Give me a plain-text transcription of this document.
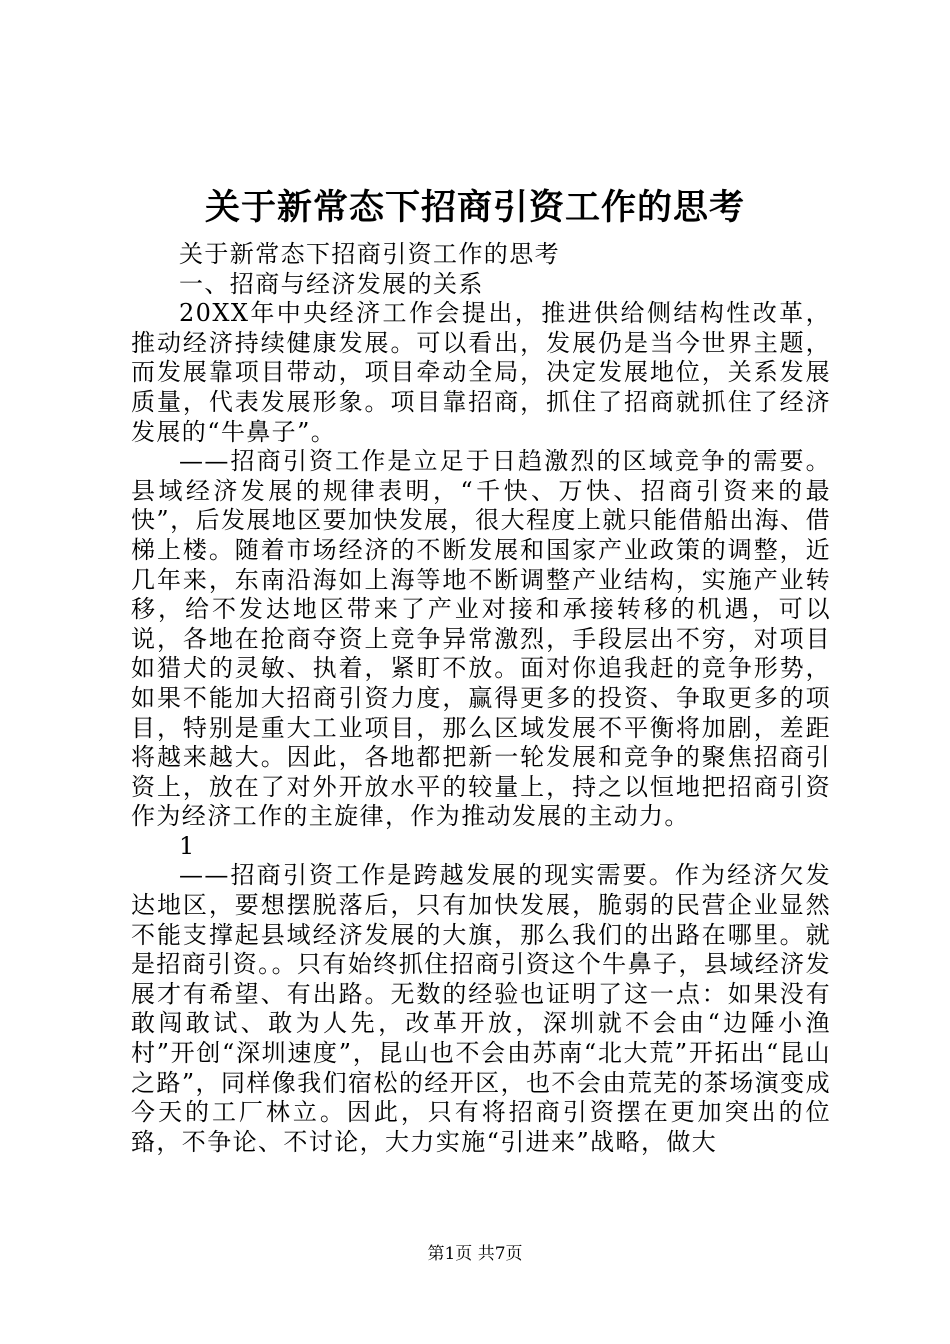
关于新常态下招商引资工作的思考

关于新常态下招商引资工作的思考

一、招商与经济发展的关系

20XX年中央经济工作会提出，推进供给侧结构性改革，推动经济持续健康发展。可以看出，发展仍是当今世界主题，而发展靠项目带动，项目牵动全局，决定发展地位，关系发展质量，代表发展形象。项目靠招商，抓住了招商就抓住了经济发展的“牛鼻子”。

——招商引资工作是立足于日趋激烈的区域竞争的需要。县域经济发展的规律表明，“千快、万快、招商引资来的最快”，后发展地区要加快发展，很大程度上就只能借船出海、借梯上楼。随着市场经济的不断发展和国家产业政策的调整，近几年来，东南沿海如上海等地不断调整产业结构，实施产业转移，给不发达地区带来了产业对接和承接转移的机遇，可以说，各地在抢商夺资上竞争异常激烈，手段层出不穷，对项目如猎犬的灵敏、执着，紧盯不放。面对你追我赶的竞争形势，如果不能加大招商引资力度，赢得更多的投资、争取更多的项目，特别是重大工业项目，那么区域发展不平衡将加剧，差距将越来越大。因此，各地都把新一轮发展和竞争的聚焦招商引资上，放在了对外开放水平的较量上，持之以恒地把招商引资作为经济工作的主旋律，作为推动发展的主动力。

1

——招商引资工作是跨越发展的现实需要。作为经济欠发达地区，要想摆脱落后，只有加快发展，脆弱的民营企业显然不能支撑起县域经济发展的大旗，那么我们的出路在哪里。就是招商引资。。只有始终抓住招商引资这个牛鼻子，县域经济发展才有希望、有出路。无数的经验也证明了这一点：如果没有敢闯敢试、敢为人先，改革开放，深圳就不会由“边陲小渔村”开创“深圳速度”，昆山也不会由苏南“北大荒”开拓出“昆山之路”，同样像我们宿松的经开区，也不会由荒芜的茶场演变成今天的工厂林立。因此，只有将招商引资摆在更加突出的位臵，不争论、不讨论，大力实施“引进来”战略，做大

第1页 共7页
